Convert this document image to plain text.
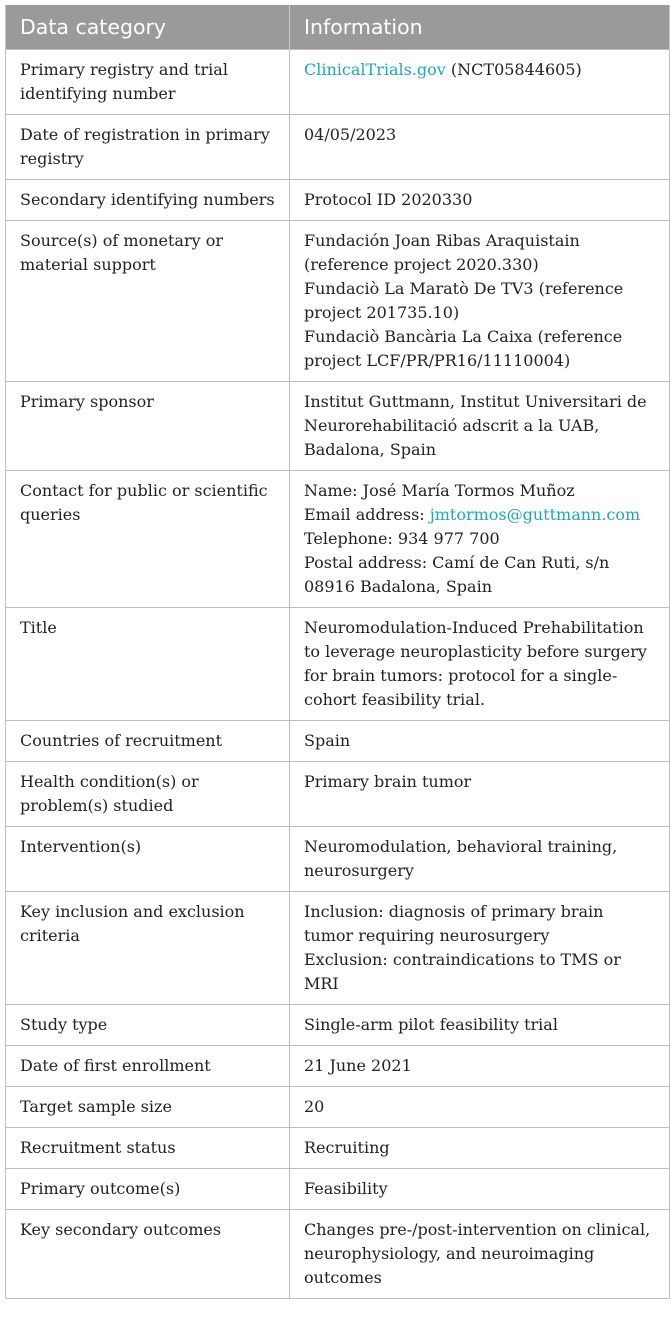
Data category	Information
Primary registry and trial identifying number	ClinicalTrials.gov (NCT05844605)

Date of registration in primary registry	04/05/2023

Secondary identifying numbers	Protocol ID 2020330

Source(s) of monetary or material support	Fundación Joan Ribas Araquistain (reference project 2020.330)
Fundaciò La Maratò De TV3 (reference project 201735.10)
Fundaciò Bancària La Caixa (reference project LCF/PR/PR16/11110004)

Primary sponsor	Institut Guttmann, Institut Universitari de Neurorehabilitació adscrit a la UAB, Badalona, Spain

Contact for public or scientific queries	Name: José María Tormos Muñoz
Email address: jmtormos@guttmann.com
Telephone: 934 977 700
Postal address: Camí de Can Ruti, s/n 08916 Badalona, Spain

Title	Neuromodulation-Induced Prehabilitation to leverage neuroplasticity before surgery for brain tumors: protocol for a single-cohort feasibility trial.

Countries of recruitment	Spain

Health condition(s) or problem(s) studied	Primary brain tumor

Intervention(s)	Neuromodulation, behavioral training, neurosurgery

Key inclusion and exclusion criteria	Inclusion: diagnosis of primary brain tumor requiring neurosurgery
Exclusion: contraindications to TMS or MRI

Study type	Single-arm pilot feasibility trial

Date of first enrollment	21 June 2021

Target sample size	20

Recruitment status	Recruiting

Primary outcome(s)	Feasibility

Key secondary outcomes	Changes pre-/post-intervention on clinical, neurophysiology, and neuroimaging outcomes
